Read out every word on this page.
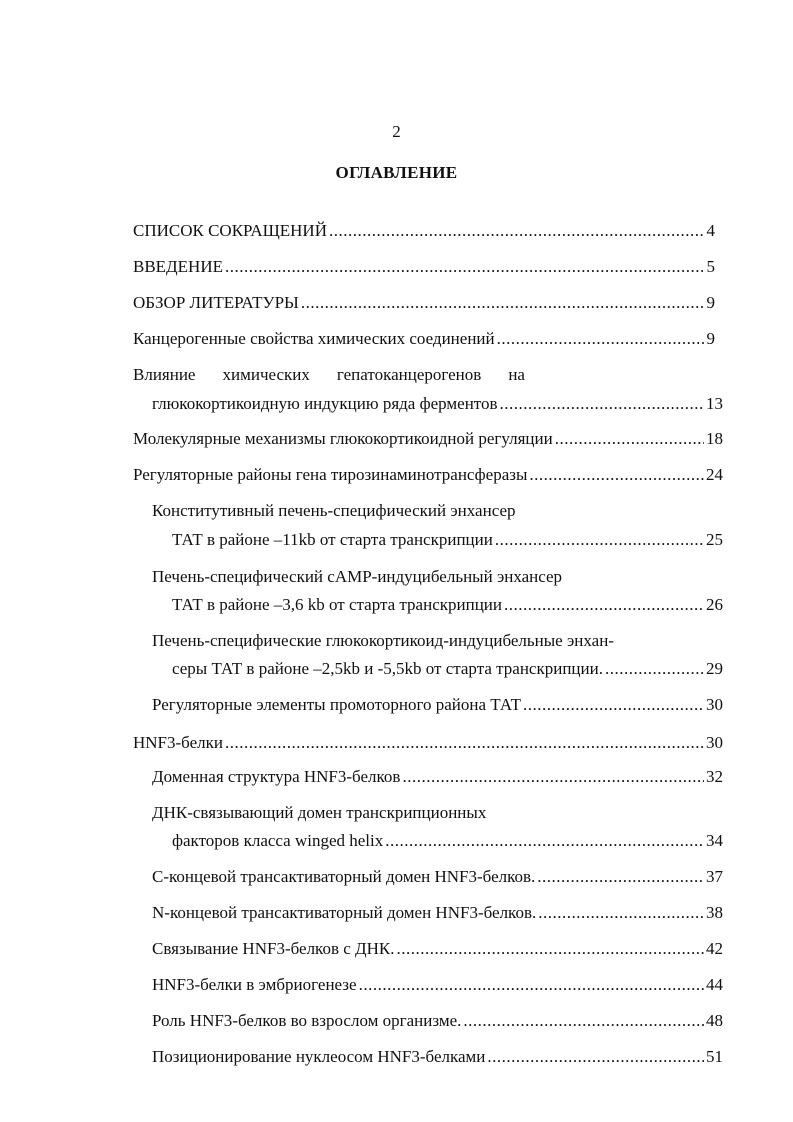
2
ОГЛАВЛЕНИЕ
СПИСОК СОКРАЩЕНИЙ .....	4
ВВЕДЕНИЕ .....	5
ОБЗОР ЛИТЕРАТУРЫ .....	9
Канцерогенные свойства химических соединений .....	9
Влияние химических гепатоканцерогенов на
глюкокортикоидную индукцию ряда ферментов .....	13
Молекулярные механизмы глюкокортикоидной регуляции .....	18
Регуляторные районы гена тирозинаминотрансферазы .....	24
Конститутивный печень-специфический энхансер
ТАТ в районе –11kb от старта транскрипции .....	25
Печень-специфический cAMP-индуцибельный энхансер
ТАТ в районе –3,6 kb от старта транскрипции .....	26
Печень-специфические глюкокортикоид-индуцибельные энхан-
серы ТАТ в районе –2,5kb и -5,5kb от старта транскрипции. .....	29
Регуляторные элементы промоторного района ТАТ .....	30
HNF3-белки .....	30
Доменная структура HNF3-белков .....	32
ДНК-связывающий домен транскрипционных
факторов класса winged helix .....	34
С-концевой трансактиваторный домен HNF3-белков. .....	37
N-концевой трансактиваторный домен HNF3-белков. .....	38
Связывание HNF3-белков с ДНК. .....	42
HNF3-белки в эмбриогенезе .....	44
Роль HNF3-белков во взрослом организме. .....	48
Позиционирование нуклеосом HNF3-белками .....	51
